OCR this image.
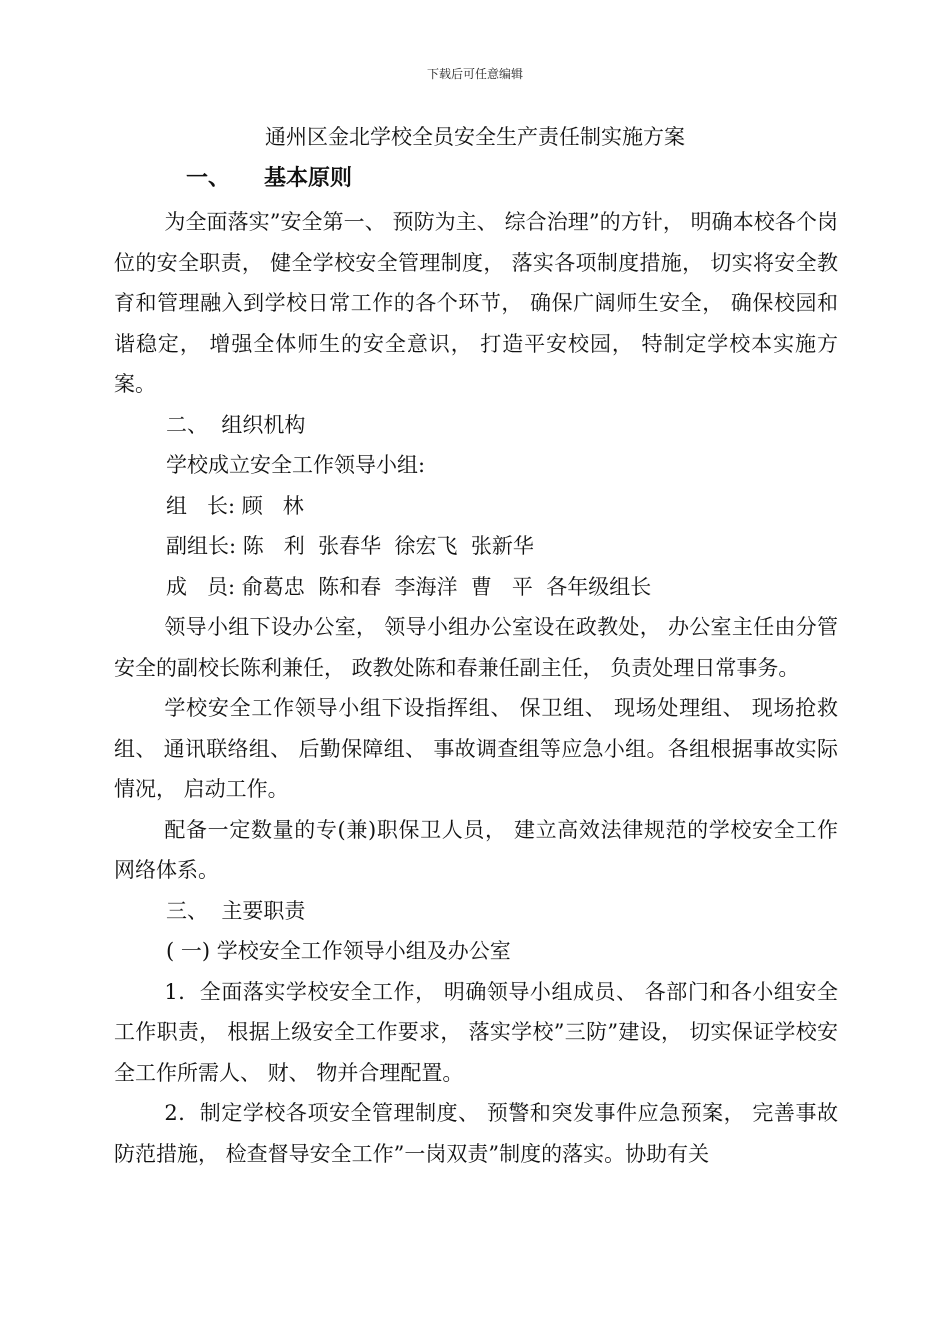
下载后可任意编辑
通州区金北学校全员安全生产责任制实施方案
一、 基本原则

为全面落实”安全第一、 预防为主、 综合治理”的方针， 明确本校各个岗位的安全职责， 健全学校安全管理制度， 落实各项制度措施， 切实将安全教育和管理融入到学校日常工作的各个环节， 确保广阔师生安全， 确保校园和谐稳定， 增强全体师生的安全意识， 打造平安校园， 特制定学校本实施方案。

二、  组织机构

学校成立安全工作领导小组:

组   长: 顾   林

副组长: 陈   利  张春华  徐宏飞  张新华

成   员: 俞葛忠  陈和春  李海洋  曹   平  各年级组长

领导小组下设办公室， 领导小组办公室设在政教处， 办公室主任由分管安全的副校长陈利兼任， 政教处陈和春兼任副主任， 负责处理日常事务。

学校安全工作领导小组下设指挥组、 保卫组、 现场处理组、 现场抢救组、 通讯联络组、 后勤保障组、 事故调查组等应急小组。各组根据事故实际情况， 启动工作。

配备一定数量的专(兼)职保卫人员， 建立高效法律规范的学校安全工作网络体系。

三、  主要职责

( 一) 学校安全工作领导小组及办公室

1．全面落实学校安全工作， 明确领导小组成员、 各部门和各小组安全工作职责， 根据上级安全工作要求， 落实学校”三防”建设， 切实保证学校安全工作所需人、 财、 物并合理配置。

2．制定学校各项安全管理制度、 预警和突发事件应急预案， 完善事故防范措施， 检查督导安全工作”一岗双责”制度的落实。协助有关
